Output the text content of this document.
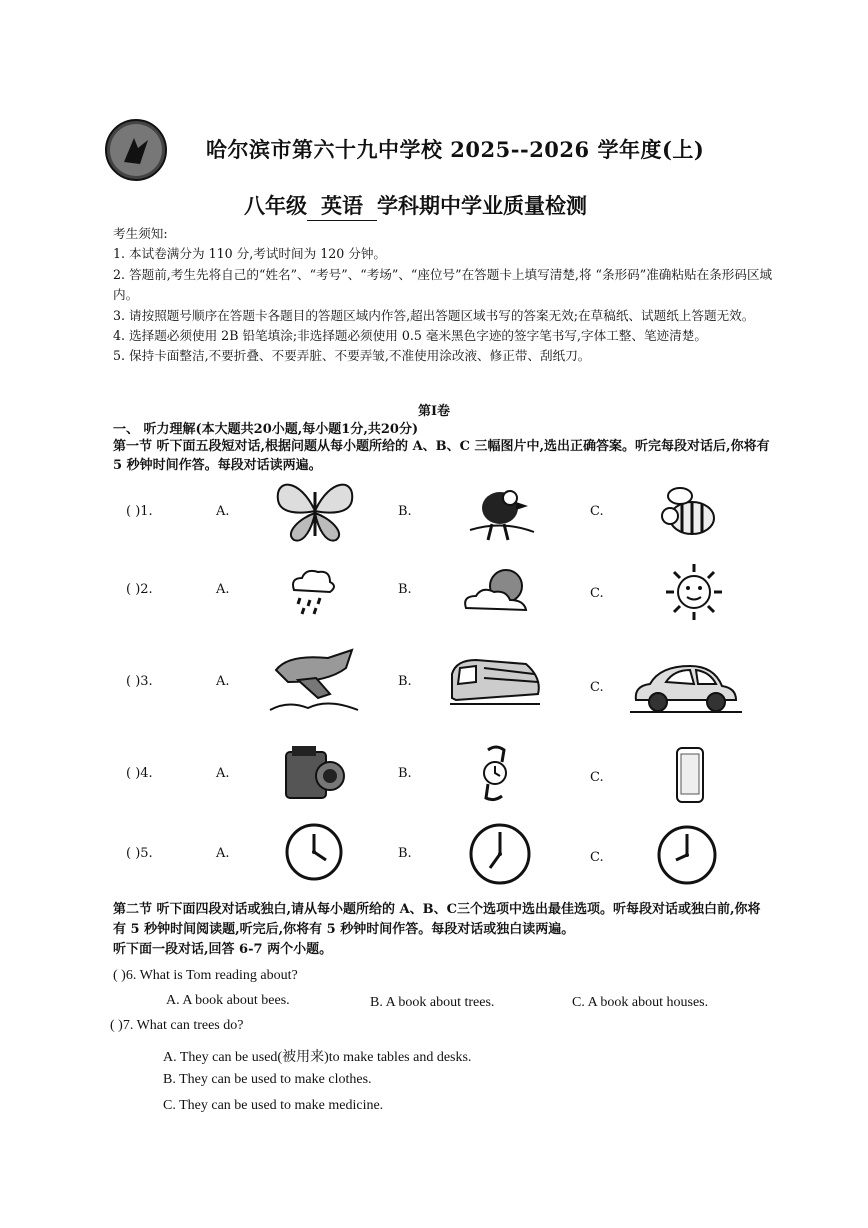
哈尔滨市第六十九中学校 2025--2026 学年度(上)
八年级 英语 学科期中学业质量检测

考生须知:

1. 本试卷满分为 110 分,考试时间为 120 分钟。

2. 答题前,考生先将自己的“姓名”、“考号”、“考场”、“座位号”在答题卡上填写清楚,将 “条形码”准确粘贴在条形码区域内。

3. 请按照题号顺序在答题卡各题目的答题区域内作答,超出答题区域书写的答案无效;在草稿纸、试题纸上答题无效。

4. 选择题必须使用 2B 铅笔填涂;非选择题必须使用 0.5 毫米黑色字迹的签字笔书写,字体工整、笔迹清楚。

5. 保持卡面整洁,不要折叠、不要弄脏、不要弄皱,不准使用涂改液、修正带、刮纸刀。

第I卷
一、 听力理解(本大题共20小题,每小题1分,共20分)
第一节 听下面五段短对话,根据问题从每小题所给的 A、B、C 三幅图片中,选出正确答案。听完每段对话后,你将有 5 秒钟时间作答。每段对话读两遍。
( )1.	A.	B.	C.
( )2.	A.	B.	C.
( )3.	A.	B.	C.
( )4.	A.	B.	C.
( )5.	A.	B.	C.

第二节 听下面四段对话或独白,请从每小题所给的 A、B、C三个选项中选出最佳选项。听每段对话或独白前,你将有 5 秒钟时间阅读题,听完后,你将有 5 秒钟时间作答。每段对话或独白读两遍。

听下面一段对话,回答 6-7 两个小题。

( )6. What is Tom reading about?
A. A book about bees.	B. A book about trees.	C. A book about houses.
( )7. What can trees do?
A. They can be used(被用来)to make tables and desks.
B. They can be used to make clothes.
C. They can be used to make medicine.
